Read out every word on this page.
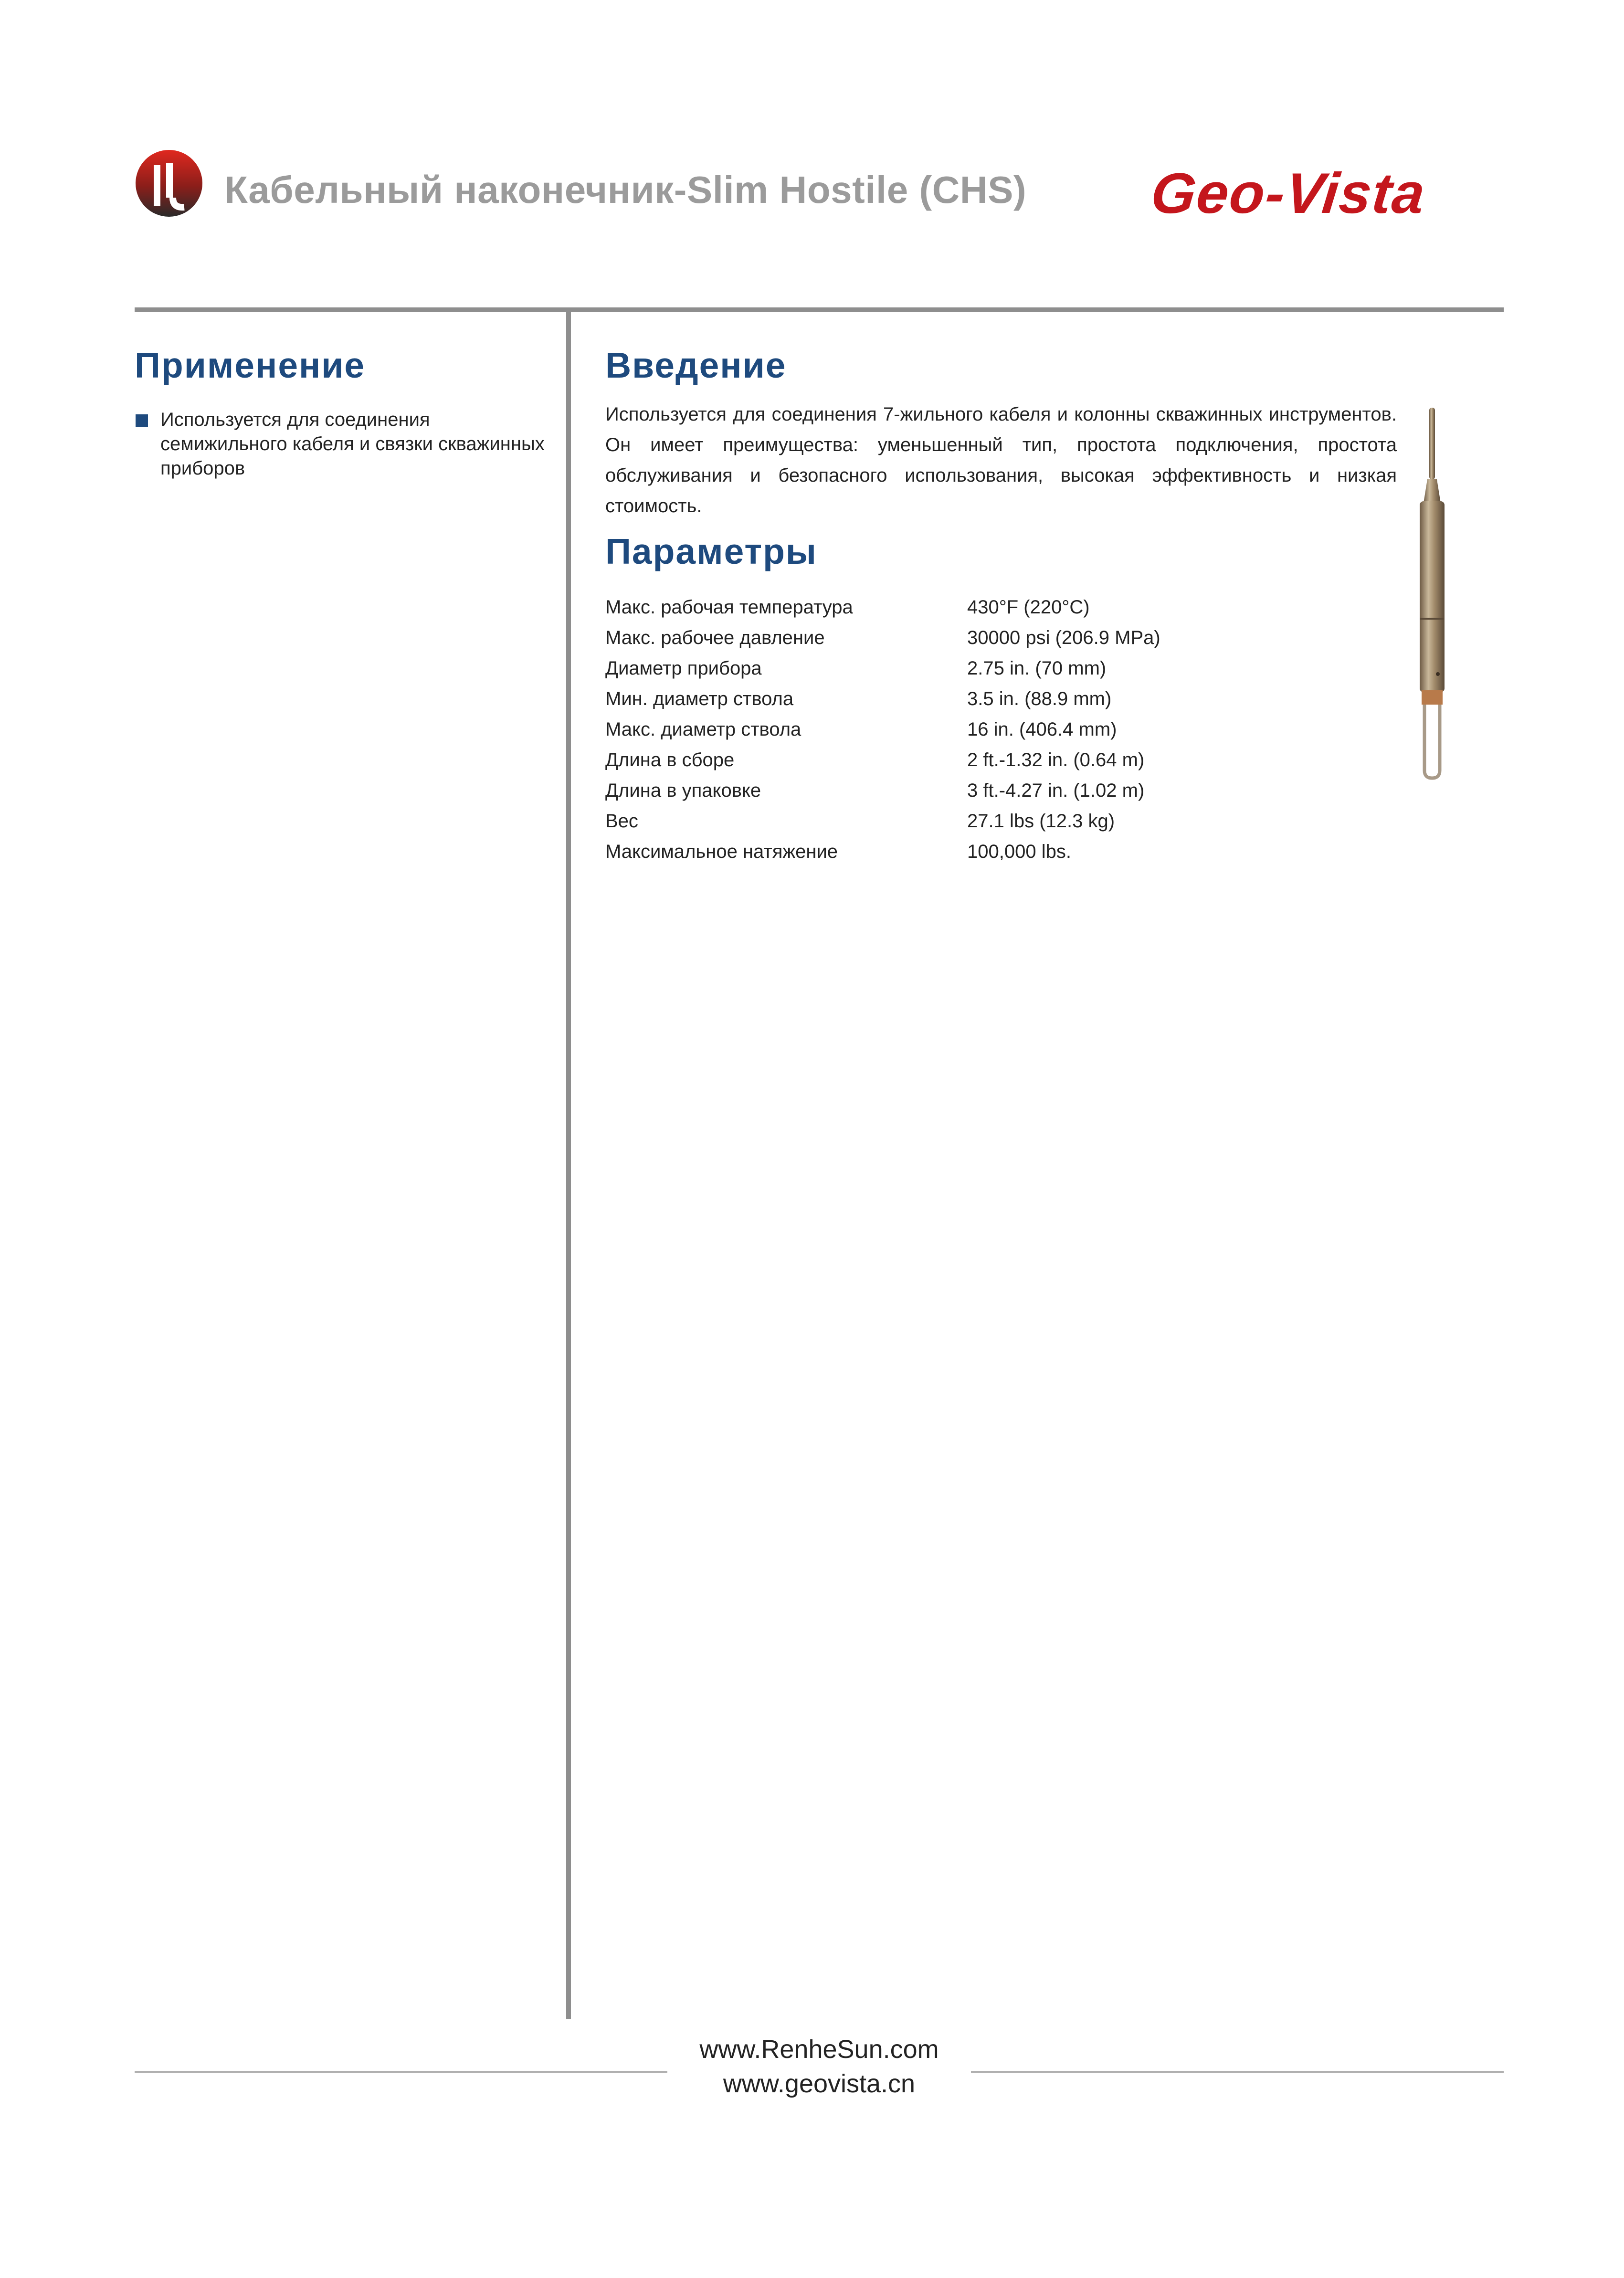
Кабельный наконечник-Slim Hostile (CHS) Geo-Vista
Применение
Используется для соединения семижильного кабеля и связки скважинных приборов
Введение
Используется для соединения 7-жильного кабеля и колонны скважинных инструментов. Он имеет преимущества: уменьшенный тип, простота подключения, простота обслуживания и безопасного использования, высокая эффективность и низкая стоимость.
Параметры
Макс. рабочая температура	430°F (220°C)
Макс. рабочее давление	30000 psi (206.9 MPa)
Диаметр прибора	2.75 in. (70 mm)
Мин. диаметр ствола	3.5 in. (88.9 mm)
Макс. диаметр ствола	16 in. (406.4 mm)
Длина в сборе	2 ft.-1.32 in. (0.64 m)
Длина в упаковке	3 ft.-4.27 in. (1.02 m)
Вес	27.1 lbs (12.3 kg)
Максимальное натяжение	100,000 lbs.
www.RenheSun.com
www.geovista.cn
